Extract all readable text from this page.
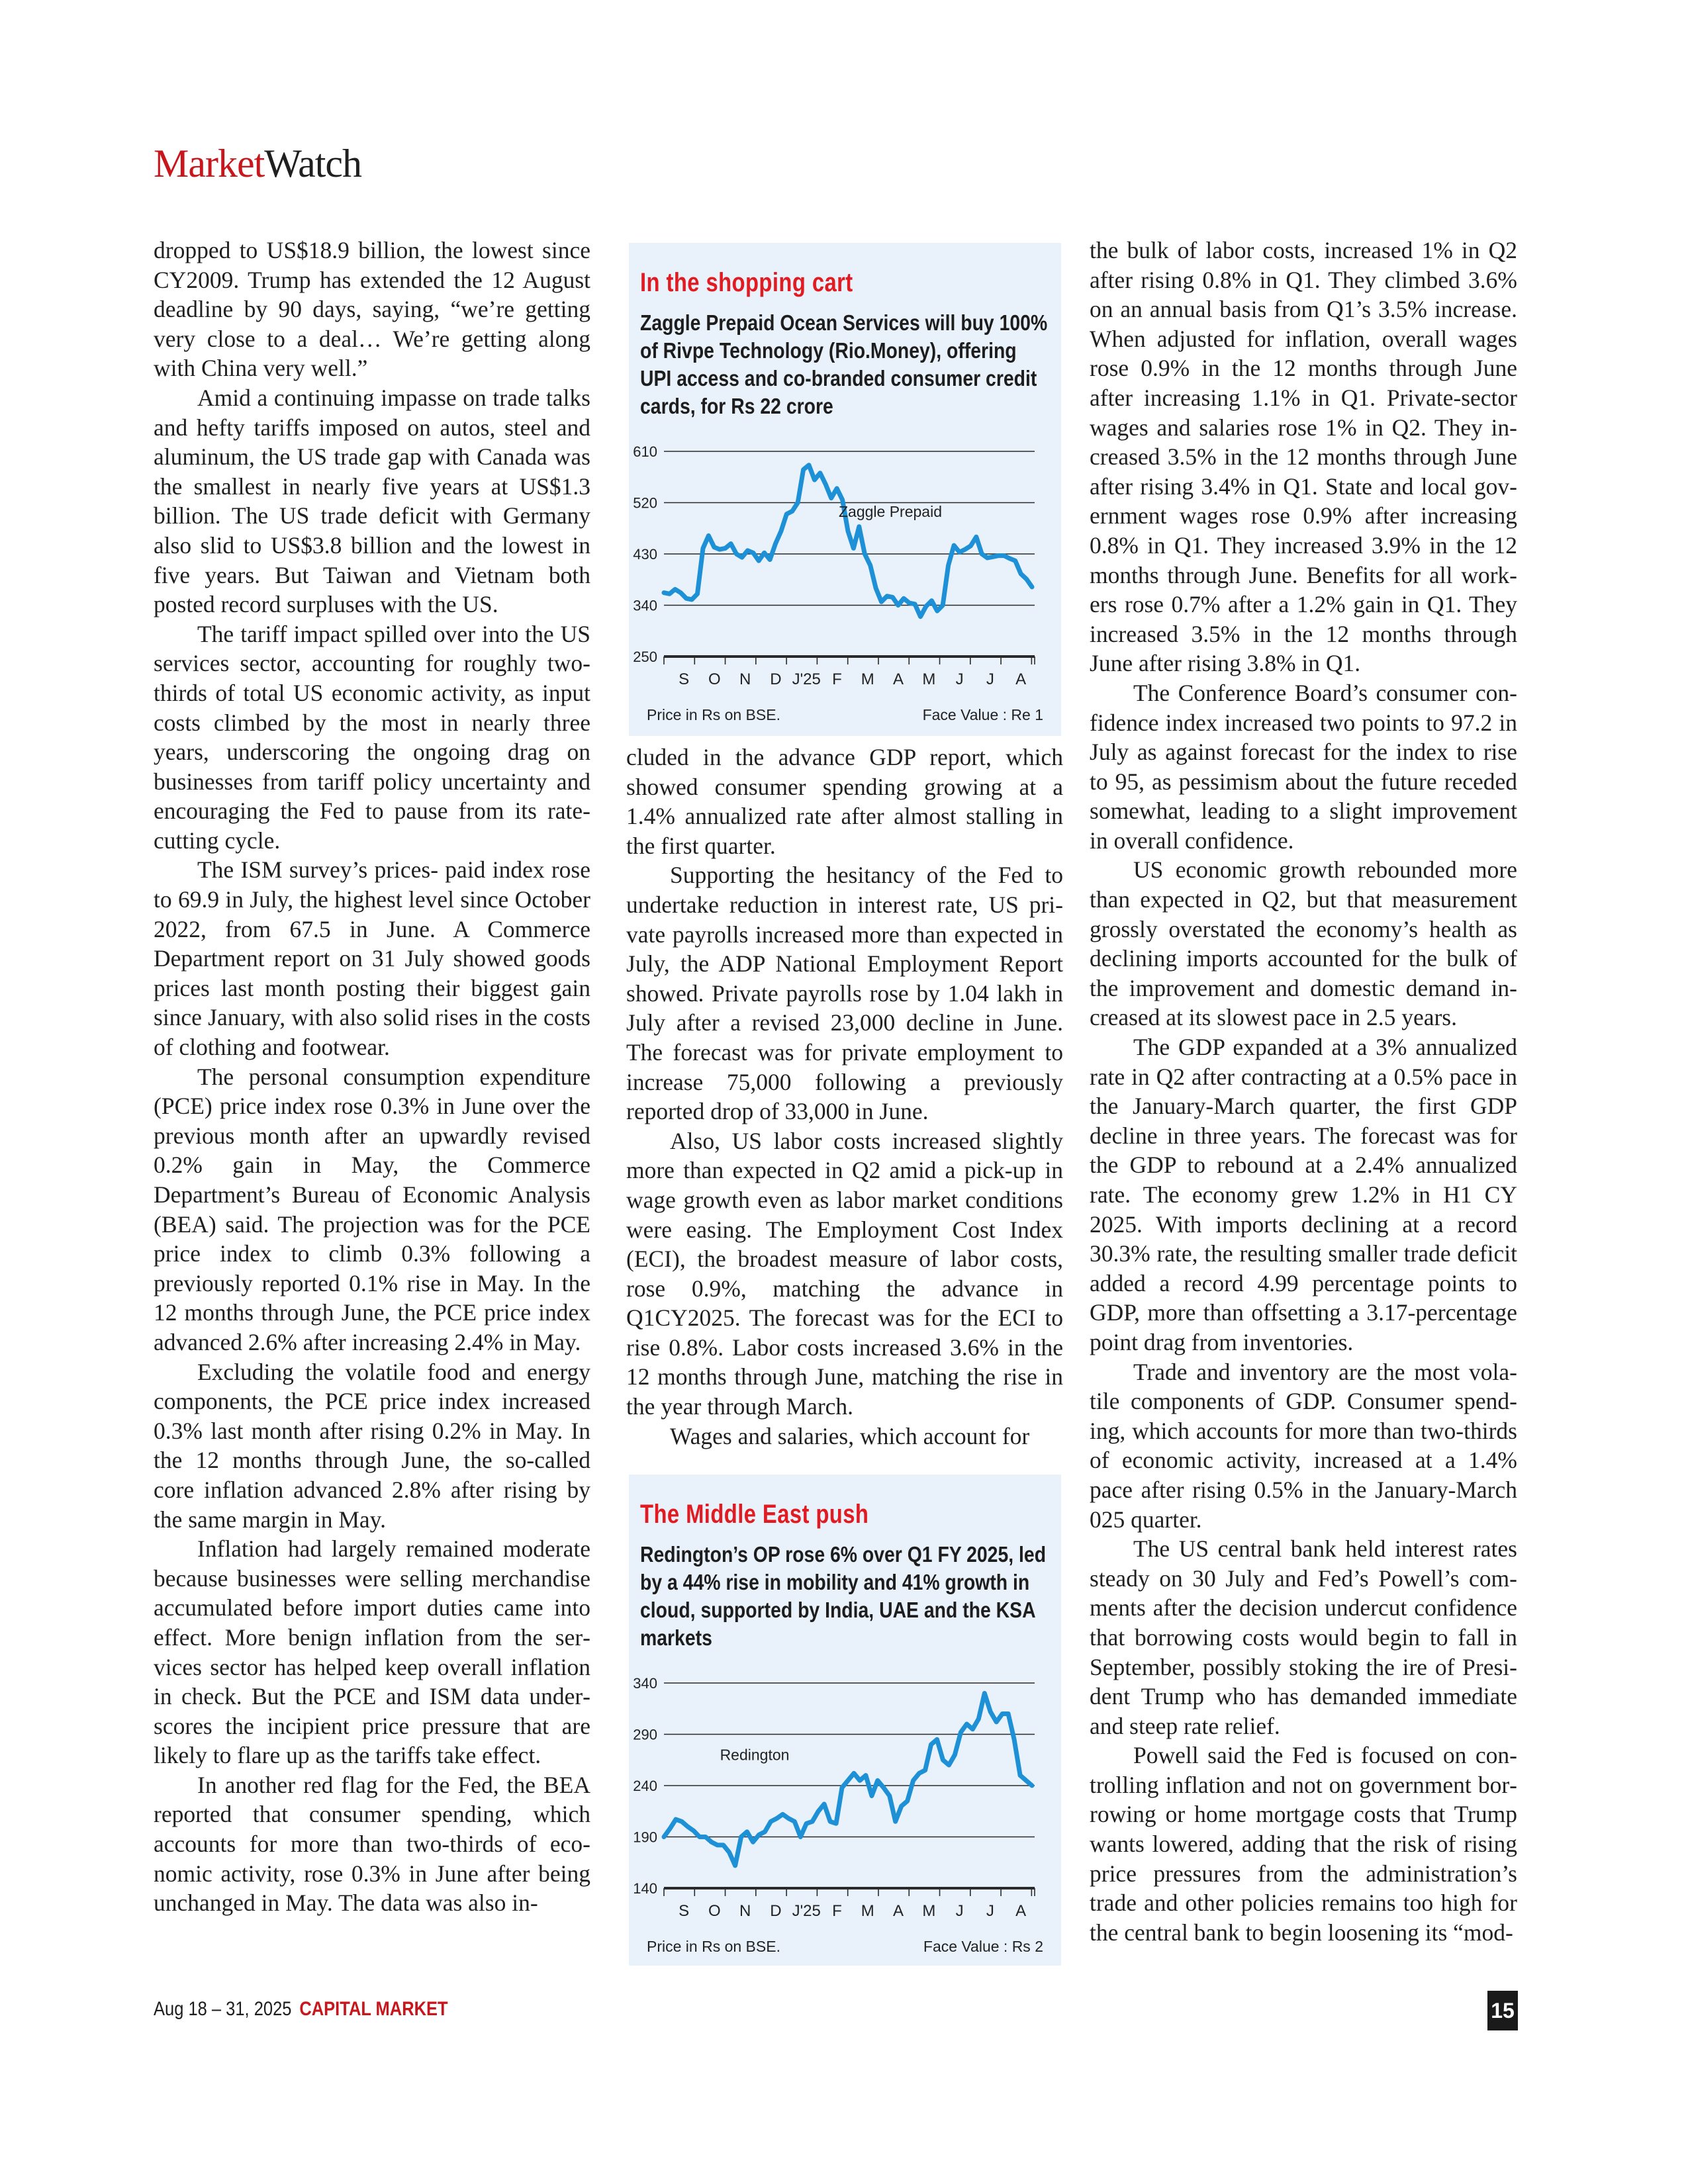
MarketWatch

dropped to US$18.9 billion, the lowest since CY2009. Trump has extended the 12 August deadline by 90 days, saying, “we’re getting very close to a deal… We’re getting along with China very well.”

Amid a continuing impasse on trade talks and hefty tariffs imposed on autos, steel and aluminum, the US trade gap with Canada was the smallest in nearly five years at US$1.3 billion. The US trade deficit with Germany also slid to US$3.8 billion and the lowest in five years. But Taiwan and Vietnam both posted record surpluses with the US.

The tariff impact spilled over into the US services sector, accounting for roughly two-thirds of total US economic activity, as input costs climbed by the most in nearly three years, underscoring the ongoing drag on businesses from tariff policy uncertainty and encouraging the Fed to pause from its rate-cutting cycle.

The ISM survey’s prices- paid index rose to 69.9 in July, the highest level since October 2022, from 67.5 in June. A Commerce Department report on 31 July showed goods prices last month posting their biggest gain since January, with also solid rises in the costs of clothing and footwear.

The personal consumption expenditure (PCE) price index rose 0.3% in June over the previous month after an upwardly revised 0.2% gain in May, the Commerce Department’s Bureau of Economic Analysis (BEA) said. The projection was for the PCE price index to climb 0.3% following a previously reported 0.1% rise in May. In the 12 months through June, the PCE price index advanced 2.6% after increasing 2.4% in May.

Excluding the volatile food and energy components, the PCE price index increased 0.3% last month after rising 0.2% in May. In the 12 months through June, the so-called core inflation advanced 2.8% after rising by the same margin in May.

Inflation had largely remained moderate because businesses were selling merchandise accumulated before import duties came into effect. More benign inflation from the services sector has helped keep overall inflation in check. But the PCE and ISM data underscores the incipient price pressure that are likely to flare up as the tariffs take effect.

In another red flag for the Fed, the BEA reported that consumer spending, which accounts for more than two-thirds of economic activity, rose 0.3% in June after being unchanged in May. The data was also in-

In the shopping cart
Zaggle Prepaid Ocean Services will buy 100% of Rivpe Technology (Rio.Money), offering UPI access and co-branded consumer credit cards, for Rs 22 crore
250
340
430
520
610
S O N D J'25 F M A M J J A
Zaggle Prepaid
Price in Rs on BSE.	Face Value : Re 1

cluded in the advance GDP report, which showed consumer spending growing at a 1.4% annualized rate after almost stalling in the first quarter.

Supporting the hesitancy of the Fed to undertake reduction in interest rate, US private payrolls increased more than expected in July, the ADP National Employment Report showed. Private payrolls rose by 1.04 lakh in July after a revised 23,000 decline in June. The forecast was for private employment to increase 75,000 following a previously reported drop of 33,000 in June.

Also, US labor costs increased slightly more than expected in Q2 amid a pick-up in wage growth even as labor market conditions were easing. The Employment Cost Index (ECI), the broadest measure of labor costs, rose 0.9%, matching the advance in Q1CY2025. The forecast was for the ECI to rise 0.8%. Labor costs increased 3.6% in the 12 months through June, matching the rise in the year through March.

Wages and salaries, which account for

The Middle East push
Redington’s OP rose 6% over Q1 FY 2025, led by a 44% rise in mobility and 41% growth in cloud, supported by India, UAE and the KSA markets
140
190
240
290
340
S O N D J'25 F M A M J J A
Redington
Price in Rs on BSE.	Face Value : Rs 2

the bulk of labor costs, increased 1% in Q2 after rising 0.8% in Q1. They climbed 3.6% on an annual basis from Q1’s 3.5% increase. When adjusted for inflation, overall wages rose 0.9% in the 12 months through June after increasing 1.1% in Q1. Private-sector wages and salaries rose 1% in Q2. They increased 3.5% in the 12 months through June after rising 3.4% in Q1. State and local government wages rose 0.9% after increasing 0.8% in Q1. They increased 3.9% in the 12 months through June. Benefits for all workers rose 0.7% after a 1.2% gain in Q1. They increased 3.5% in the 12 months through June after rising 3.8% in Q1.

The Conference Board’s consumer confidence index increased two points to 97.2 in July as against forecast for the index to rise to 95, as pessimism about the future receded somewhat, leading to a slight improvement in overall confidence.

US economic growth rebounded more than expected in Q2, but that measurement grossly overstated the economy’s health as declining imports accounted for the bulk of the improvement and domestic demand increased at its slowest pace in 2.5 years.

The GDP expanded at a 3% annualized rate in Q2 after contracting at a 0.5% pace in the January-March quarter, the first GDP decline in three years. The forecast was for the GDP to rebound at a 2.4% annualized rate. The economy grew 1.2% in H1 CY 2025. With imports declining at a record 30.3% rate, the resulting smaller trade deficit added a record 4.99 percentage points to GDP, more than offsetting a 3.17-percentage point drag from inventories.

Trade and inventory are the most volatile components of GDP. Consumer spending, which accounts for more than two-thirds of economic activity, increased at a 1.4% pace after rising 0.5% in the January-March 025 quarter.

The US central bank held interest rates steady on 30 July and Fed’s Powell’s comments after the decision undercut confidence that borrowing costs would begin to fall in September, possibly stoking the ire of President Trump who has demanded immediate and steep rate relief.

Powell said the Fed is focused on controlling inflation and not on government borrowing or home mortgage costs that Trump wants lowered, adding that the risk of rising price pressures from the administration’s trade and other policies remains too high for the central bank to begin loosening its “mod-

Aug 18 – 31, 2025 CAPITAL MARKET	15
